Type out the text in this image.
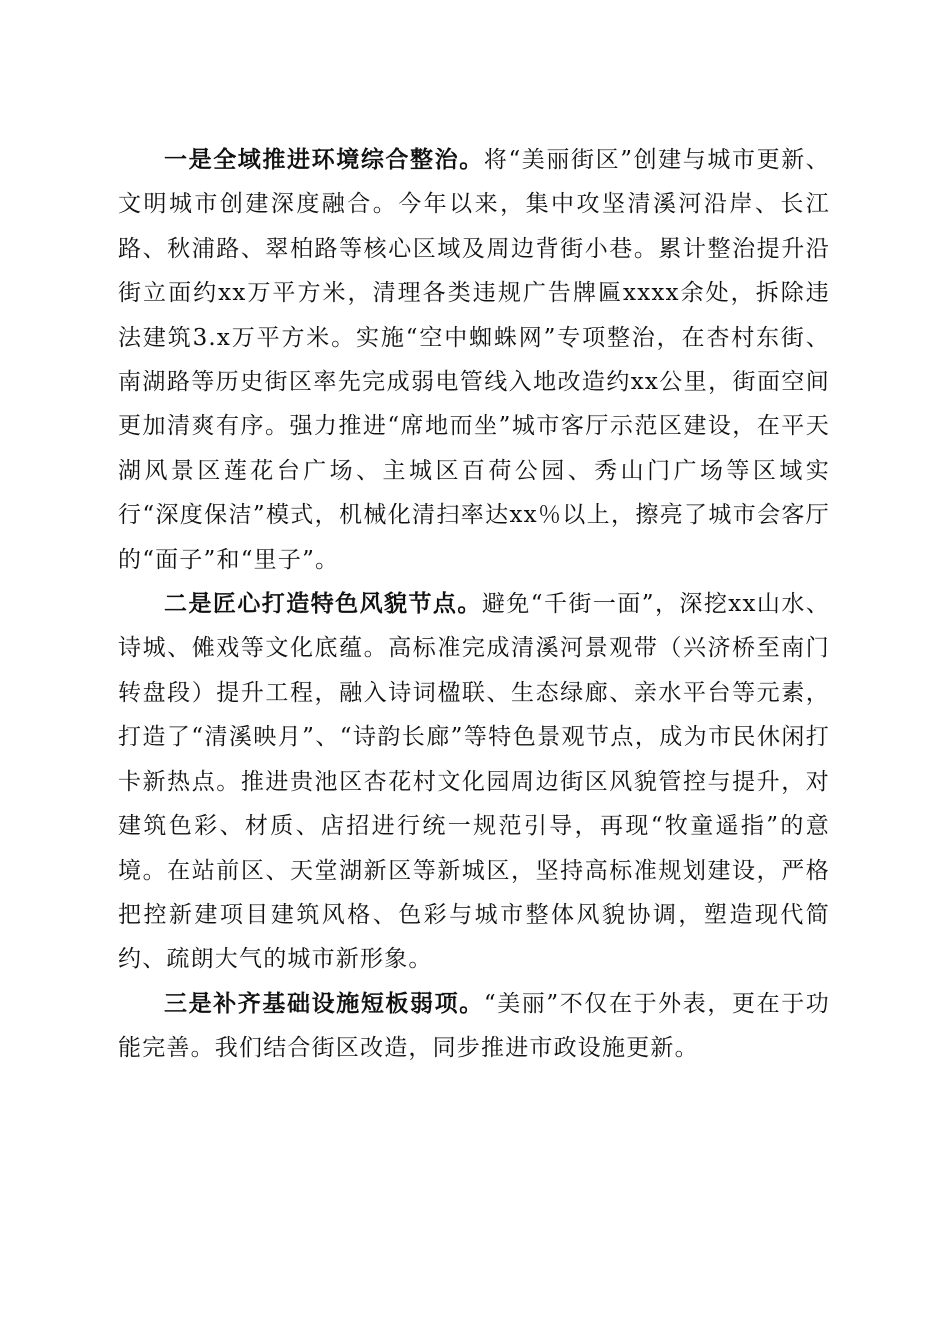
一是全域推进环境综合整治。将“美丽街区”创建与城市更新、文明城市创建深度融合。今年以来，集中攻坚清溪河沿岸、长江路、秋浦路、翠柏路等核心区域及周边背街小巷。累计整治提升沿街立面约xx万平方米，清理各类违规广告牌匾xxxx余处，拆除违法建筑3.x万平方米。实施“空中蜘蛛网”专项整治，在杏村东街、南湖路等历史街区率先完成弱电管线入地改造约xx公里，街面空间更加清爽有序。强力推进“席地而坐”城市客厅示范区建设，在平天湖风景区莲花台广场、主城区百荷公园、秀山门广场等区域实行“深度保洁”模式，机械化清扫率达xx％以上，擦亮了城市会客厅的“面子”和“里子”。

二是匠心打造特色风貌节点。避免“千街一面”，深挖xx山水、诗城、傩戏等文化底蕴。高标准完成清溪河景观带（兴济桥至南门转盘段）提升工程，融入诗词楹联、生态绿廊、亲水平台等元素，打造了“清溪映月”、“诗韵长廊”等特色景观节点，成为市民休闲打卡新热点。推进贵池区杏花村文化园周边街区风貌管控与提升，对建筑色彩、材质、店招进行统一规范引导，再现“牧童遥指”的意境。在站前区、天堂湖新区等新城区，坚持高标准规划建设，严格把控新建项目建筑风格、色彩与城市整体风貌协调，塑造现代简约、疏朗大气的城市新形象。

三是补齐基础设施短板弱项。“美丽”不仅在于外表，更在于功能完善。我们结合街区改造，同步推进市政设施更新。
